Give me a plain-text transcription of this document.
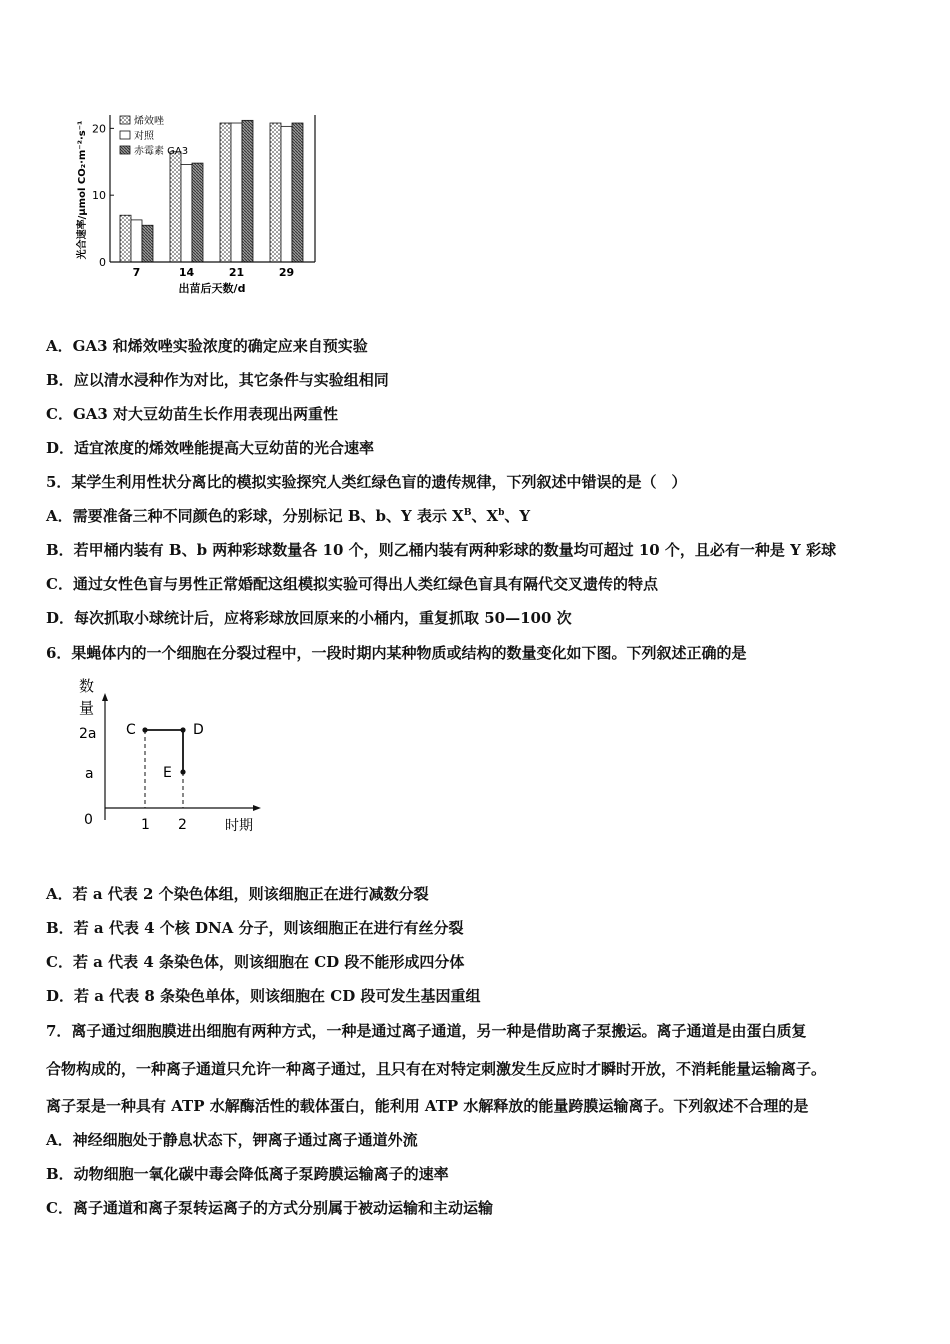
0
10
20
7	14	21	29
光合速率/μmol CO₂·m⁻²·s⁻¹
出苗后天数/d
烯效唑
对照
赤霉素 GA3
A．GA3 和烯效唑实验浓度的确定应来自预实验
B．应以清水浸种作为对比，其它条件与实验组相同
C．GA3 对大豆幼苗生长作用表现出两重性
D．适宜浓度的烯效唑能提高大豆幼苗的光合速率
5．某学生利用性状分离比的模拟实验探究人类红绿色盲的遗传规律，下列叙述中错误的是（　）
A．需要准备三种不同颜色的彩球，分别标记 B、b、Y 表示 $X^B$、$X^b$、Y
B．若甲桶内装有 B、b 两种彩球数量各 10 个，则乙桶内装有两种彩球的数量均可超过 10 个，且必有一种是 Y 彩球
C．通过女性色盲与男性正常婚配这组模拟实验可得出人类红绿色盲具有隔代交叉遗传的特点
D．每次抓取小球统计后，应将彩球放回原来的小桶内，重复抓取 50—100 次
6．果蝇体内的一个细胞在分裂过程中，一段时期内某种物质或结构的数量变化如下图。下列叙述正确的是
数
量
2a
a
0	1 2	时期
C	D
E
A．若 a 代表 2 个染色体组，则该细胞正在进行减数分裂
B．若 a 代表 4 个核 DNA 分子，则该细胞正在进行有丝分裂
C．若 a 代表 4 条染色体，则该细胞在 CD 段不能形成四分体
D．若 a 代表 8 条染色单体，则该细胞在 CD 段可发生基因重组
7．离子通过细胞膜进出细胞有两种方式，一种是通过离子通道，另一种是借助离子泵搬运。离子通道是由蛋白质复
合物构成的，一种离子通道只允许一种离子通过，且只有在对特定刺激发生反应时才瞬时开放，不消耗能量运输离子。
离子泵是一种具有 ATP 水解酶活性的载体蛋白，能利用 ATP 水解释放的能量跨膜运输离子。下列叙述不合理的是
A．神经细胞处于静息状态下，钾离子通过离子通道外流
B．动物细胞一氧化碳中毒会降低离子泵跨膜运输离子的速率
C．离子通道和离子泵转运离子的方式分别属于被动运输和主动运输
